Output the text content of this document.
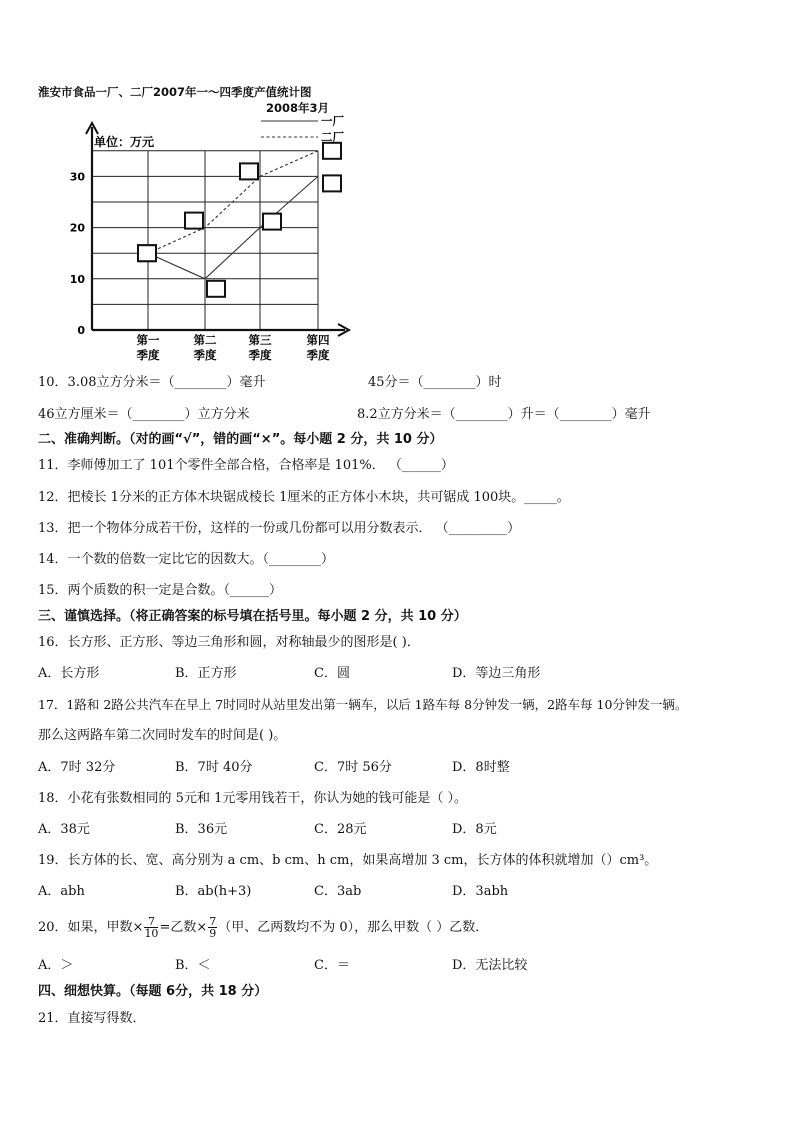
淮安市食品一厂、二厂2007年一～四季度产值统计图
2008年3月
0
10
20
30
第一
季度
第二
季度
第三
季度
第四
季度
一厂
二厂
单位：万元
10．3.08立方分米＝（________）毫升	45分＝（________）时
46立方厘米＝（________）立方分米	8.2立方分米＝（________）升＝（________）毫升
二、准确判断。（对的画“√”，错的画“×”。每小题 2 分，共 10 分）
11．李师傅加工了 101个零件全部合格，合格率是 101%． （______）
12．把棱长 1分米的正方体木块锯成棱长 1厘米的正方体小木块，共可锯成 100块。_____。
13．把一个物体分成若干份，这样的一份或几份都可以用分数表示． （_________）
14．一个数的倍数一定比它的因数大。（________）
15．两个质数的积一定是合数。（______）
三、谨慎选择。（将正确答案的标号填在括号里。每小题 2 分，共 10 分）
16．长方形、正方形、等边三角形和圆，对称轴最少的图形是( )．
A．长方形	B．正方形	C．圆	D．等边三角形
17．1路和 2路公共汽车在早上 7时同时从站里发出第一辆车，以后 1路车每 8分钟发一辆，2路车每 10分钟发一辆。
那么这两路车第二次同时发车的时间是( )。
A．7时 32分	B．7时 40分	C．7时 56分	D．8时整
18．小花有张数相同的 5元和 1元零用钱若干，你认为她的钱可能是（ ）。
A．38元	B．36元	C．28元	D．8元
19．长方体的长、宽、高分别为 a cm、b cm、h cm，如果高增加 3 cm，长方体的体积就增加（）cm³。
A．abh	B．ab(h+3)	C．3ab	D．3abh
20．如果，甲数× $\frac{7}{10}$ =乙数× $\frac{7}{9}$ （甲、乙两数均不为 0），那么甲数（ ）乙数．
A．＞	B．＜	C．＝	D．无法比较
四、细想快算。（每题 6分，共 18 分）
21．直接写得数．
